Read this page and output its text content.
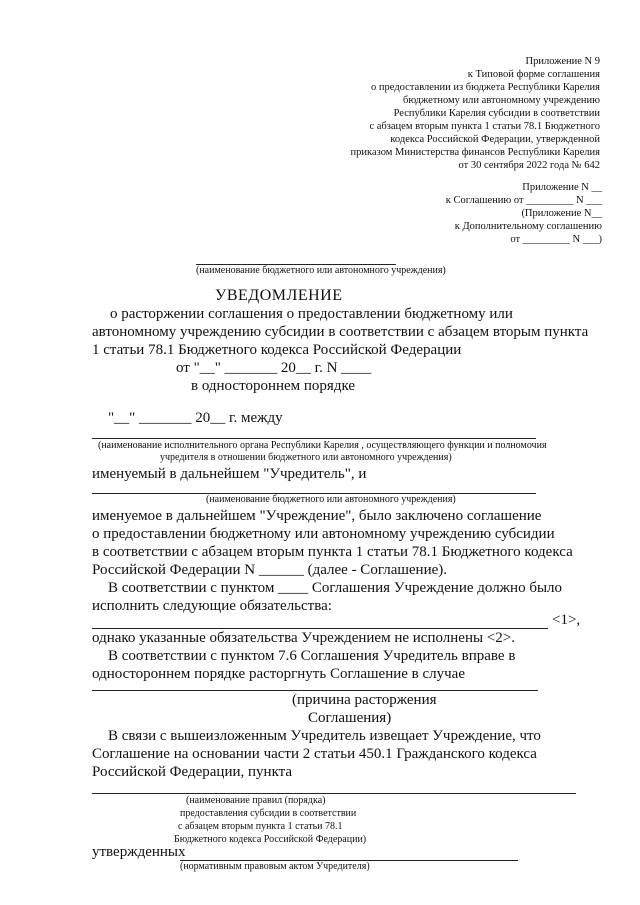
Приложение N 9
к Типовой форме соглашения
о предоставлении из бюджета Республики Карелия
бюджетному или автономному учреждению
Республики Карелия субсидии в соответствии
с абзацем вторым пункта 1 статьи 78.1 Бюджетного
кодекса Российской Федерации, утвержденной
приказом Министерства финансов Республики Карелия
от 30 сентября 2022 года № 642
Приложение N __
к Соглашению от _________ N ___
(Приложение N__
к Дополнительному соглашению
от _________ N ___)
(наименование бюджетного или автономного учреждения)
УВЕДОМЛЕНИЕ
о расторжении соглашения о предоставлении бюджетному или
автономному учреждению субсидии в соответствии с абзацем вторым пункта
1 статьи 78.1 Бюджетного кодекса Российской Федерации
от "__" _______ 20__ г. N ____
в одностороннем порядке
"__" _______ 20__ г. между
(наименование исполнительного органа Республики Карелия , осуществляющего функции и полномочия
учредителя в отношении бюджетного или автономного учреждения)
именуемый в дальнейшем "Учредитель", и
(наименование бюджетного или автономного учреждения)
именуемое в дальнейшем "Учреждение", было заключено соглашение
о предоставлении бюджетному или автономному учреждению субсидии
в соответствии с абзацем вторым пункта 1 статьи 78.1 Бюджетного кодекса
Российской Федерации N ______ (далее - Соглашение).
В соответствии с пунктом ____ Соглашения Учреждение должно было
исполнить следующие обязательства:
<1>,
однако указанные обязательства Учреждением не исполнены <2>.
В соответствии с пунктом 7.6 Соглашения Учредитель вправе в
одностороннем порядке расторгнуть Соглашение в случае
(причина расторжения
Соглашения)
В связи с вышеизложенным Учредитель извещает Учреждение, что
Соглашение на основании части 2 статьи 450.1 Гражданского кодекса
Российской Федерации, пункта
(наименование правил (порядка)
предоставления субсидии в соответствии
с абзацем вторым пункта 1 статьи 78.1
Бюджетного кодекса Российской Федерации)
утвержденных
(нормативным правовым актом Учредителя)
